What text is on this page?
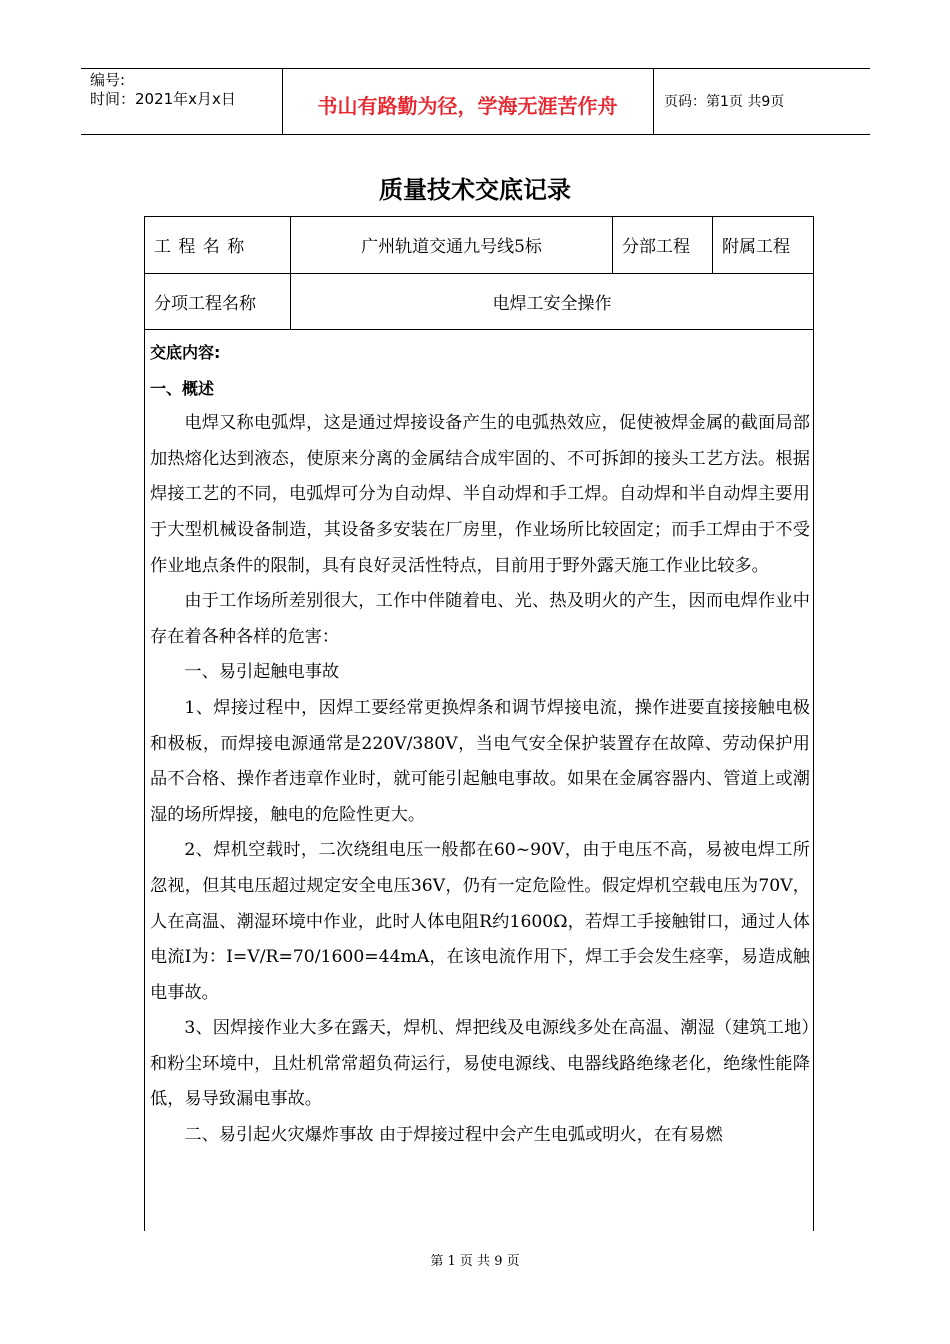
编号:
时间：2021年x月x日	书山有路勤为径，学海无涯苦作舟	页码：第1页 共9页
质量技术交底记录
工 程 名 称	广州轨道交通九号线5标	分部工程 附属工程
分项工程名称	电焊工安全操作

交底内容:

一、概述

电焊又称电弧焊，这是通过焊接设备产生的电弧热效应，促使被焊金属的截面局部加热熔化达到液态，使原来分离的金属结合成牢固的、不可拆卸的接头工艺方法。根据焊接工艺的不同，电弧焊可分为自动焊、半自动焊和手工焊。自动焊和半自动焊主要用于大型机械设备制造，其设备多安装在厂房里，作业场所比较固定；而手工焊由于不受作业地点条件的限制，具有良好灵活性特点，目前用于野外露天施工作业比较多。

由于工作场所差别很大，工作中伴随着电、光、热及明火的产生，因而电焊作业中存在着各种各样的危害：

一、易引起触电事故

1、焊接过程中，因焊工要经常更换焊条和调节焊接电流，操作进要直接接触电极和极板，而焊接电源通常是220V/380V，当电气安全保护装置存在故障、劳动保护用品不合格、操作者违章作业时，就可能引起触电事故。如果在金属容器内、管道上或潮湿的场所焊接，触电的危险性更大。

2、焊机空载时，二次绕组电压一般都在60~90V，由于电压不高，易被电焊工所忽视，但其电压超过规定安全电压36V，仍有一定危险性。假定焊机空载电压为70V，人在高温、潮湿环境中作业，此时人体电阻R约1600Ω，若焊工手接触钳口，通过人体电流I为：I=V/R=70/1600=44mA，在该电流作用下，焊工手会发生痉挛，易造成触电事故。

3、因焊接作业大多在露天，焊机、焊把线及电源线多处在高温、潮湿（建筑工地）和粉尘环境中，且灶机常常超负荷运行，易使电源线、电器线路绝缘老化，绝缘性能降低，易导致漏电事故。

二、易引起火灾爆炸事故 由于焊接过程中会产生电弧或明火，在有易燃

第 1 页 共 9 页
